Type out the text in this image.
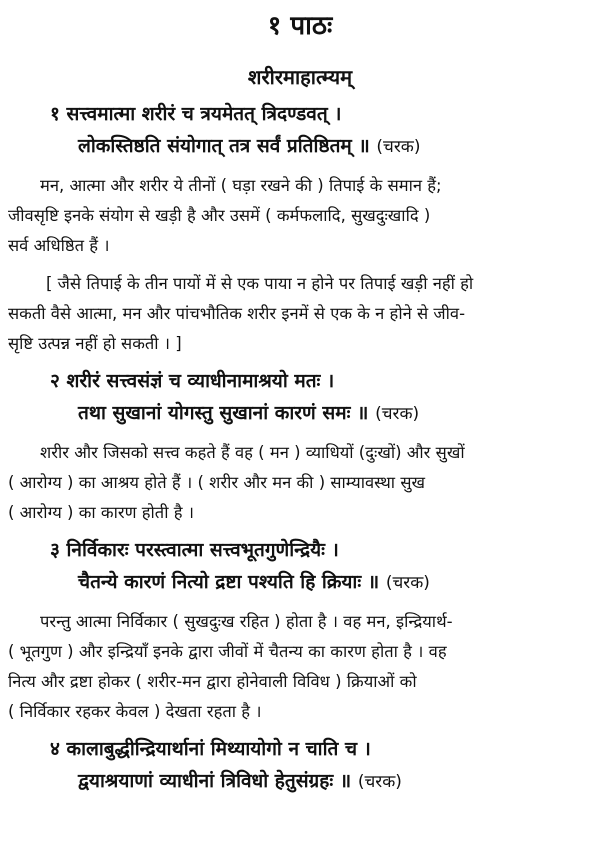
१ पाठः
शरीरमाहात्म्यम्
१ सत्त्वमात्मा शरीरं च त्रयमेतत् त्रिदण्डवत् ।
लोकस्तिष्ठति संयोगात् तत्र सर्वं प्रतिष्ठितम् ॥ (चरक)
मन, आत्मा और शरीर ये तीनों ( घड़ा रखने की ) तिपाई के समान हैं;
जीवसृष्टि इनके संयोग से खड़ी है और उसमें ( कर्मफलादि, सुखदुःखादि )
सर्व अधिष्ठित हैं ।
[ जैसे तिपाई के तीन पायों में से एक पाया न होने पर तिपाई खड़ी नहीं हो
सकती वैसे आत्मा, मन और पांचभौतिक शरीर इनमें से एक के न होने से जीव-
सृष्टि उत्पन्न नहीं हो सकती । ]
२ शरीरं सत्त्वसंज्ञं च व्याधीनामाश्रयो मतः ।
तथा सुखानां योगस्तु सुखानां कारणं समः ॥ (चरक)
शरीर और जिसको सत्त्व कहते हैं वह ( मन ) व्याधियों (दुःखों) और सुखों
( आरोग्य ) का आश्रय होते हैं । ( शरीर और मन की ) साम्यावस्था सुख
( आरोग्य ) का कारण होती है ।
३ निर्विकारः परस्त्वात्मा सत्त्वभूतगुणेन्द्रियैः ।
चैतन्ये कारणं नित्यो द्रष्टा पश्यति हि क्रियाः ॥ (चरक)
परन्तु आत्मा निर्विकार ( सुखदुःख रहित ) होता है । वह मन, इन्द्रियार्थ-
( भूतगुण ) और इन्द्रियाँ इनके द्वारा जीवों में चैतन्य का कारण होता है । वह
नित्य और द्रष्टा होकर ( शरीर-मन द्वारा होनेवाली विविध ) क्रियाओं को
( निर्विकार रहकर केवल ) देखता रहता है ।
४ कालाबुद्धीन्द्रियार्थानां मिथ्यायोगो न चाति च ।
द्वयाश्रयाणां व्याधीनां त्रिविधो हेतुसंग्रहः ॥ (चरक)
